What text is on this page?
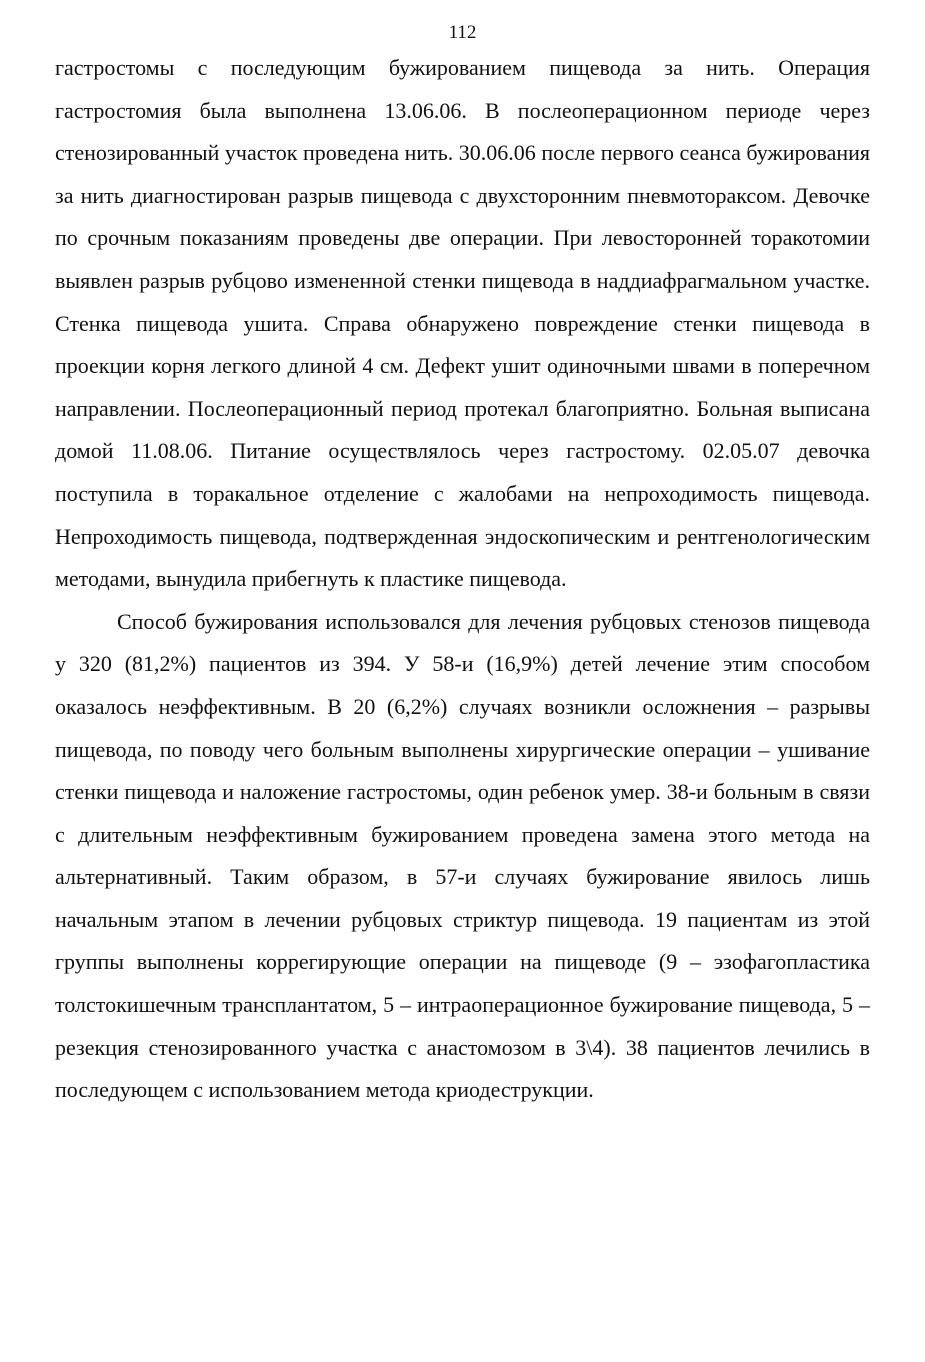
112

гастростомы с последующим бужированием пищевода за нить. Операция гастростомия была выполнена 13.06.06. В послеоперационном периоде через стенозированный участок проведена нить. 30.06.06 после первого сеанса бужирования за нить диагностирован разрыв пищевода с двухсторонним пневмотораксом. Девочке по срочным показаниям проведены две операции. При левосторонней торакотомии выявлен разрыв рубцово измененной стенки пищевода в наддиафрагмальном участке. Стенка пищевода ушита. Справа обнаружено повреждение стенки пищевода в проекции корня легкого длиной 4 см. Дефект ушит одиночными швами в поперечном направлении. Послеоперационный период протекал благоприятно. Больная выписана домой 11.08.06. Питание осуществлялось через гастростому. 02.05.07 девочка поступила в торакальное отделение с жалобами на непроходимость пищевода. Непроходимость пищевода, подтвержденная эндоскопическим и рентгенологическим методами, вынудила прибегнуть к пластике пищевода.

Способ бужирования использовался для лечения рубцовых стенозов пищевода у 320 (81,2%) пациентов из 394. У 58-и (16,9%) детей лечение этим способом оказалось неэффективным. В 20 (6,2%) случаях возникли осложнения – разрывы пищевода, по поводу чего больным выполнены хирургические операции – ушивание стенки пищевода и наложение гастростомы, один ребенок умер. 38-и больным в связи с длительным неэффективным бужированием проведена замена этого метода на альтернативный. Таким образом, в 57-и случаях бужирование явилось лишь начальным этапом в лечении рубцовых стриктур пищевода. 19 пациентам из этой группы выполнены коррегирующие операции на пищеводе (9 – эзофагопластика толстокишечным трансплантатом, 5 – интраоперационное бужирование пищевода, 5 – резекция стенозированного участка с анастомозом в 3\4). 38 пациентов лечились в последующем с использованием метода криодеструкции.
